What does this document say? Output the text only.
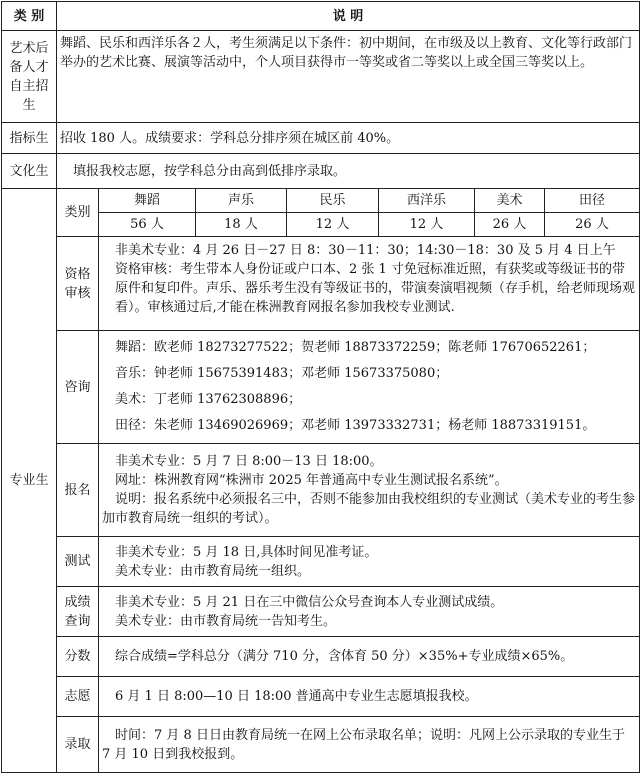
类 别	说 明						
艺术后备人才自主招生	舞蹈、民乐和西洋乐各２人，考生须满足以下条件：初中期间，在市级及以上教育、文化等行政部门举办的艺术比赛、展演等活动中，个人项目获得市一等奖或省二等奖以上或全国三等奖以上。						
指标生	招收 180 人。成绩要求：学科总分排序须在城区前 40%。						
文化生	填报我校志愿，按学科总分由高到低排序录取。						
专业生	类别	舞蹈	声乐	民乐	西洋乐	美术	田径
		56 人	18 人	12 人	12 人	26 人	26 人
	资格审核	非美术专业：4 月 26 日－27 日 8：30－11：30；14:30－18：30 及 5 月 4 日上午
资格审核：考生带本人身份证或户口本、2 张 1 寸免冠标准近照，有获奖或等级证书的带原件和复印件。声乐、器乐考生没有等级证书的，带演奏演唱视频（存手机，给老师现场观看）。审核通过后,才能在株洲教育网报名参加我校专业测试.					

	咨询	舞蹈：欧老师 18273277522；贺老师 18873372259；陈老师 17670652261；
音乐：钟老师 15675391483；邓老师 15673375080；
美术：丁老师 13762308896；
田径：朱老师 13469026969；邓老师 13973332731；杨老师 18873319151。					

	报名	非美术专业：5 月 7 日 8:00－13 日 18:00。
网址：株洲教育网“株洲市 2025 年普通高中专业生测试报名系统”。
说明：报名系统中必须报名三中，否则不能参加由我校组织的专业测试（美术专业的考生参加市教育局统一组织的考试）。					

	测试	非美术专业：5 月 18 日,具体时间见准考证。
美术专业：由市教育局统一组织。					

	成绩查询	非美术专业：5 月 21 日在三中微信公众号查询本人专业测试成绩。
美术专业：由市教育局统一告知考生。					

	分数	综合成绩=学科总分（满分 710 分，含体育 50 分）×35%+专业成绩×65%。					
	志愿	6 月 1 日 8:00—10 日 18:00 普通高中专业生志愿填报我校。					
	录取	时间：7 月 8 日日由教育局统一在网上公布录取名单；说明：凡网上公示录取的专业生于 7 月 10 日到我校报到。					
